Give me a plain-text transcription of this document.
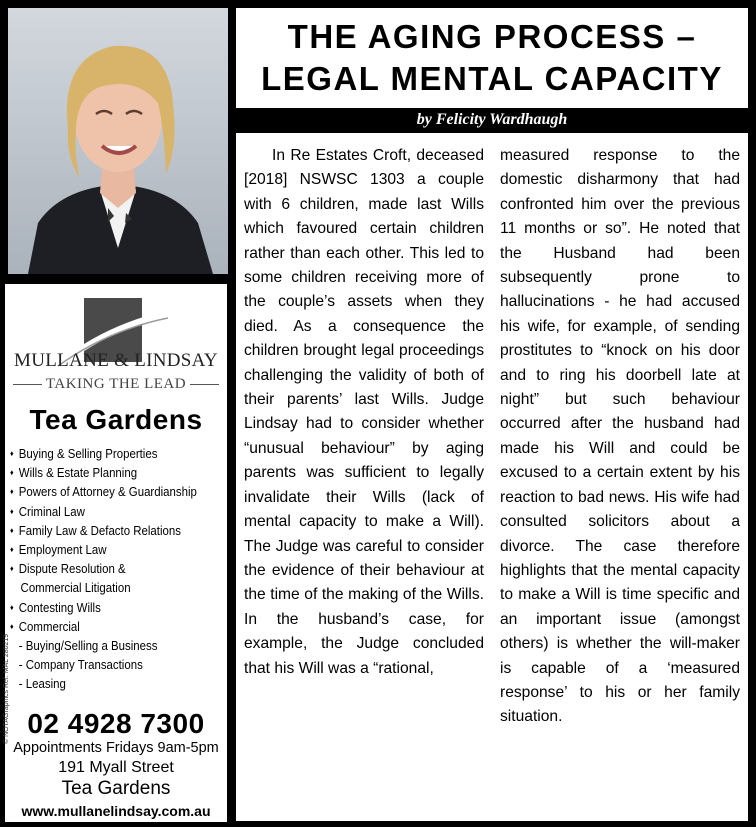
MULLANE & LINDSAY
TAKING THE LEAD
Tea Gardens
♦ Buying & Selling Properties
♦ Wills & Estate Planning
♦ Powers of Attorney & Guardianship
♦ Criminal Law
♦ Family Law & Defacto Relations
♦ Employment Law
♦ Dispute Resolution &
Commercial Litigation
♦ Contesting Wills
♦ Commercial
- Buying/Selling a Business
- Company Transactions
- Leasing
© NOTAGraphics Ref. MAL 280219 02 4928 7300
Appointments Fridays 9am-5pm
191 Myall Street
Tea Gardens
www.mullanelindsay.com.au
THE AGING PROCESS –
LEGAL MENTAL CAPACITY
by Felicity Wardhaugh
In Re Estates Croft, deceased [2018] NSWSC 1303 a couple with 6 children, made last Wills which favoured certain children rather than each other. This led to some children receiving more of the couple’s assets when they died. As a consequence the children brought legal proceedings challenging the validity of both of their parents’ last Wills. Judge Lindsay had to consider whether “unusual behaviour” by aging parents was sufficient to legally invalidate their Wills (lack of mental capacity to make a Will). The Judge was careful to consider the evidence of their behaviour at the time of the making of the Wills. In the husband’s case, for example, the Judge concluded that his Will was a “rational,
measured response to the domestic disharmony that had confronted him over the previous 11 months or so”. He noted that the Husband had been subsequently prone to hallucinations - he had accused his wife, for example, of sending prostitutes to “knock on his door and to ring his doorbell late at night” but such behaviour occurred after the husband had made his Will and could be excused to a certain extent by his reaction to bad news. His wife had consulted solicitors about a divorce. The case therefore highlights that the mental capacity to make a Will is time specific and an important issue (amongst others) is whether the will-maker is capable of a ‘measured response’ to his or her family situation.
